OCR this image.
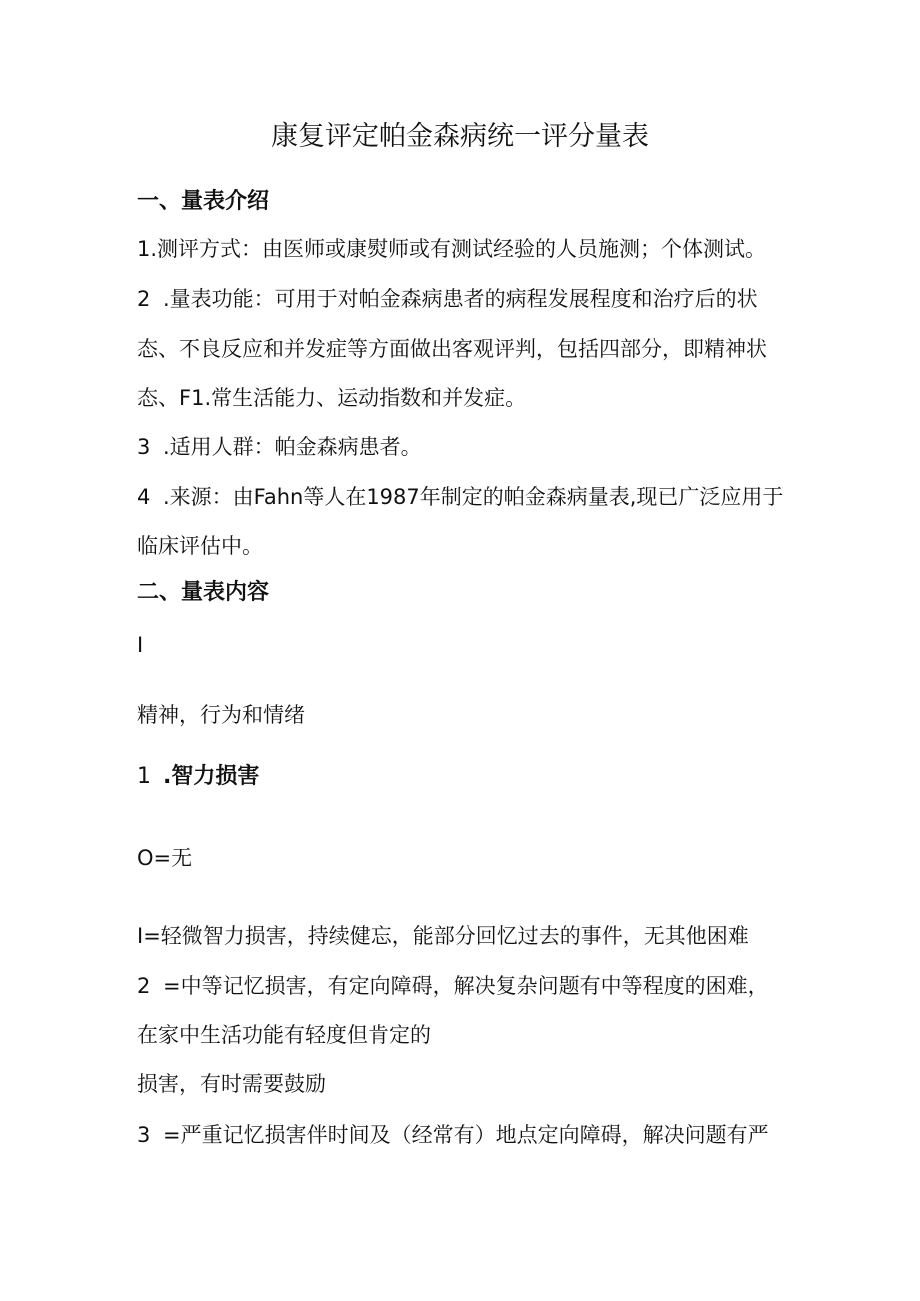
康复评定帕金森病统一评分量表
一、量表介绍
1.测评方式：由医师或康熨师或有测试经验的人员施测；个体测试。
2 .量表功能：可用于对帕金森病患者的病程发展程度和治疗后的状
态、不良反应和并发症等方面做出客观评判，包括四部分，即精神状
态、F1.常生活能力、运动指数和并发症。
3 .适用人群：帕金森病患者。
4 .来源：由Fahn等人在1987年制定的帕金森病量表,现已广泛应用于
临床评估中。
二、量表内容
I
精神，行为和情绪
1 .智力损害
O=无
I=轻微智力损害，持续健忘，能部分回忆过去的事件，无其他困难
2 =中等记忆损害，有定向障碍，解决复杂问题有中等程度的困难，
在家中生活功能有轻度但肯定的
损害，有时需要鼓励
3 =严重记忆损害伴时间及（经常有）地点定向障碍，解决问题有严
